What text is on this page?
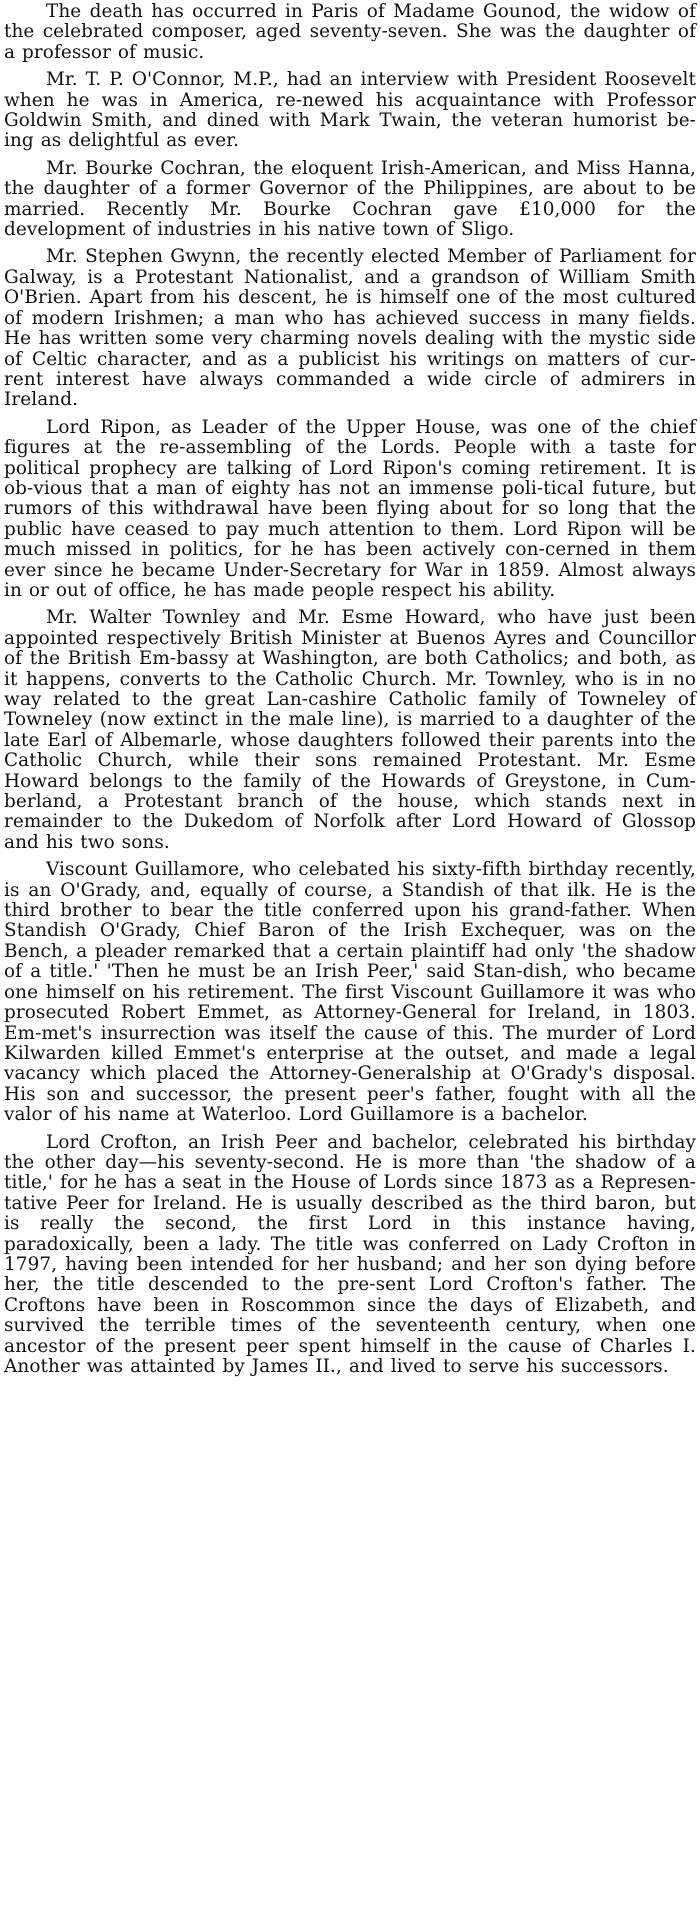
The death has occurred in Paris of Madame Gounod, the widow of the celebrated composer, aged seventy-seven. She was the daughter of a professor of music.

Mr. T. P. O'Connor, M.P., had an interview with President Roosevelt when he was in America, re-newed his acquaintance with Professor Goldwin Smith, and dined with Mark Twain, the veteran humorist be-ing as delightful as ever.

Mr. Bourke Cochran, the eloquent Irish-American, and Miss Hanna, the daughter of a former Governor of the Philippines, are about to be married. Recently Mr. Bourke Cochran gave £10,000 for the development of industries in his native town of Sligo.

Mr. Stephen Gwynn, the recently elected Member of Parliament for Galway, is a Protestant Nationalist, and a grandson of William Smith O'Brien. Apart from his descent, he is himself one of the most cultured of modern Irishmen; a man who has achieved success in many fields. He has written some very charming novels dealing with the mystic side of Celtic character, and as a publicist his writings on matters of cur-rent interest have always commanded a wide circle of admirers in Ireland.

Lord Ripon, as Leader of the Upper House, was one of the chief figures at the re-assembling of the Lords. People with a taste for political prophecy are talking of Lord Ripon's coming retirement. It is ob-vious that a man of eighty has not an immense poli-tical future, but rumors of this withdrawal have been flying about for so long that the public have ceased to pay much attention to them. Lord Ripon will be much missed in politics, for he has been actively con-cerned in them ever since he became Under-Secretary for War in 1859. Almost always in or out of office, he has made people respect his ability.

Mr. Walter Townley and Mr. Esme Howard, who have just been appointed respectively British Minister at Buenos Ayres and Councillor of the British Em-bassy at Washington, are both Catholics; and both, as it happens, converts to the Catholic Church. Mr. Townley, who is in no way related to the great Lan-cashire Catholic family of Towneley of Towneley (now extinct in the male line), is married to a daughter of the late Earl of Albemarle, whose daughters followed their parents into the Catholic Church, while their sons remained Protestant. Mr. Esme Howard belongs to the family of the Howards of Greystone, in Cum-berland, a Protestant branch of the house, which stands next in remainder to the Dukedom of Norfolk after Lord Howard of Glossop and his two sons.

Viscount Guillamore, who celebated his sixty-fifth birthday recently, is an O'Grady, and, equally of course, a Standish of that ilk. He is the third brother to bear the title conferred upon his grand-father. When Standish O'Grady, Chief Baron of the Irish Exchequer, was on the Bench, a pleader remarked that a certain plaintiff had only 'the shadow of a title.' 'Then he must be an Irish Peer,' said Stan-dish, who became one himself on his retirement. The first Viscount Guillamore it was who prosecuted Robert Emmet, as Attorney-General for Ireland, in 1803. Em-met's insurrection was itself the cause of this. The murder of Lord Kilwarden killed Emmet's enterprise at the outset, and made a legal vacancy which placed the Attorney-Generalship at O'Grady's disposal. His son and successor, the present peer's father, fought with all the valor of his name at Waterloo. Lord Guillamore is a bachelor.

Lord Crofton, an Irish Peer and bachelor, celebrated his birthday the other day—his seventy-second. He is more than 'the shadow of a title,' for he has a seat in the House of Lords since 1873 as a Represen-tative Peer for Ireland. He is usually described as the third baron, but is really the second, the first Lord in this instance having, paradoxically, been a lady. The title was conferred on Lady Crofton in 1797, having been intended for her husband; and her son dying before her, the title descended to the pre-sent Lord Crofton's father. The Croftons have been in Roscommon since the days of Elizabeth, and survived the terrible times of the seventeenth century, when one ancestor of the present peer spent himself in the cause of Charles I. Another was attainted by James II., and lived to serve his successors.
